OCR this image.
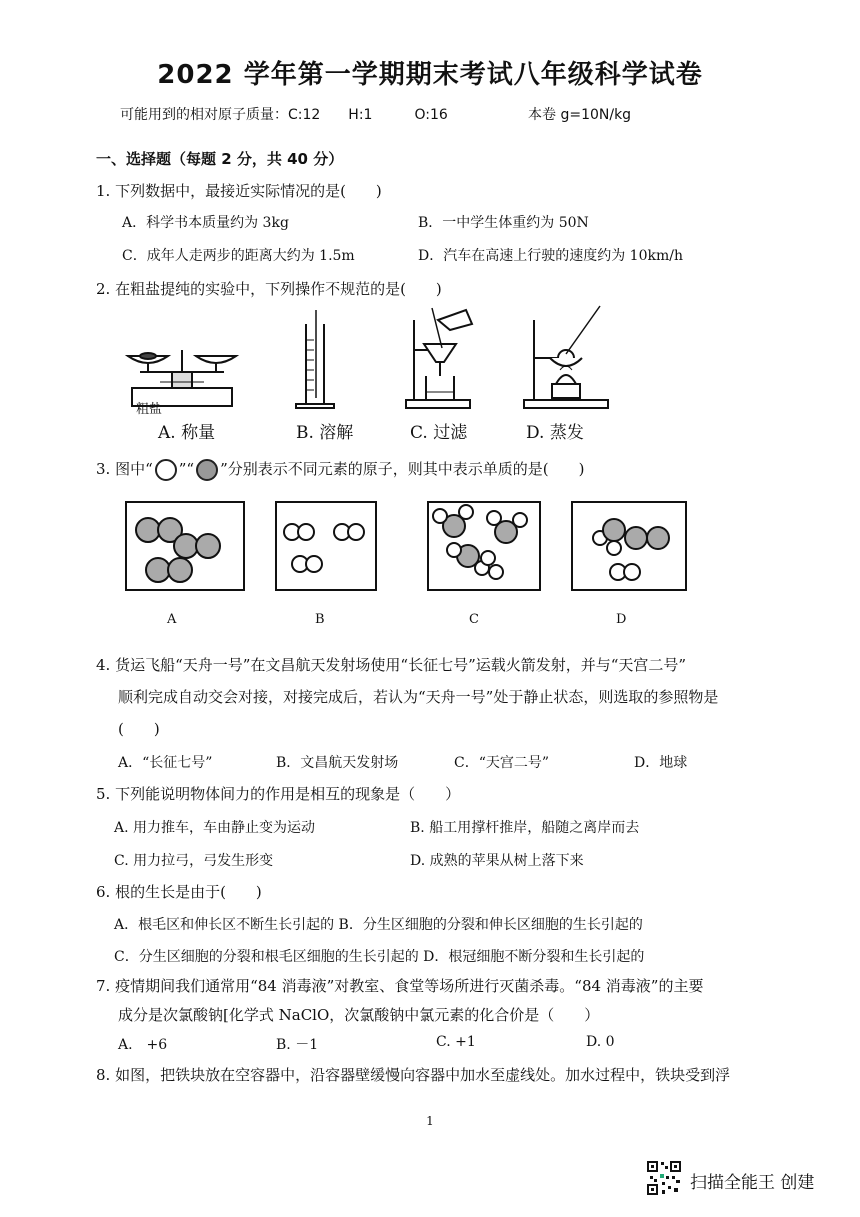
2022 学年第一学期期末考试八年级科学试卷
可能用到的相对原子质量：C:12　　H:1　　　O:16	本卷 g=10N/kg
一、选择题（每题 2 分，共 40 分）
1. 下列数据中，最接近实际情况的是(　　)
A．科学书本质量约为 3kg	B．一中学生体重约为 50N
C．成年人走两步的距离大约为 1.5m	D．汽车在高速上行驶的速度约为 10km/h
2. 在粗盐提纯的实验中，下列操作不规范的是(　　)
粗盐
A. 称量	B. 溶解	C. 过滤	D. 蒸发
3. 图中“ ”“ ”分别表示不同元素的原子，则其中表示单质的是(　　)
A	B	C	D
4. 货运飞船“天舟一号”在文昌航天发射场使用“长征七号”运载火箭发射，并与“天宫二号”
顺利完成自动交会对接，对接完成后，若认为“天舟一号”处于静止状态，则选取的参照物是
(　　)
A．“长征七号”	B．文昌航天发射场	C．“天宫二号”	D．地球
5. 下列能说明物体间力的作用是相互的现象是（　　）
A. 用力推车，车由静止变为运动	B. 船工用撑杆推岸，船随之离岸而去
C. 用力拉弓，弓发生形变	D. 成熟的苹果从树上落下来
6. 根的生长是由于(　　)
A．根毛区和伸长区不断生长引起的 B．分生区细胞的分裂和伸长区细胞的生长引起的
C．分生区细胞的分裂和根毛区细胞的生长引起的 D．根冠细胞不断分裂和生长引起的
7. 疫情期间我们通常用“84 消毒液”对教室、食堂等场所进行灭菌杀毒。“84 消毒液”的主要
成分是次氯酸钠[化学式 NaClO，次氯酸钠中氯元素的化合价是（　　）
A.　+6	B. －1	C. +1	D. 0
8. 如图，把铁块放在空容器中，沿容器壁缓慢向容器中加水至虚线处。加水过程中，铁块受到浮
1
扫描全能王 创建
